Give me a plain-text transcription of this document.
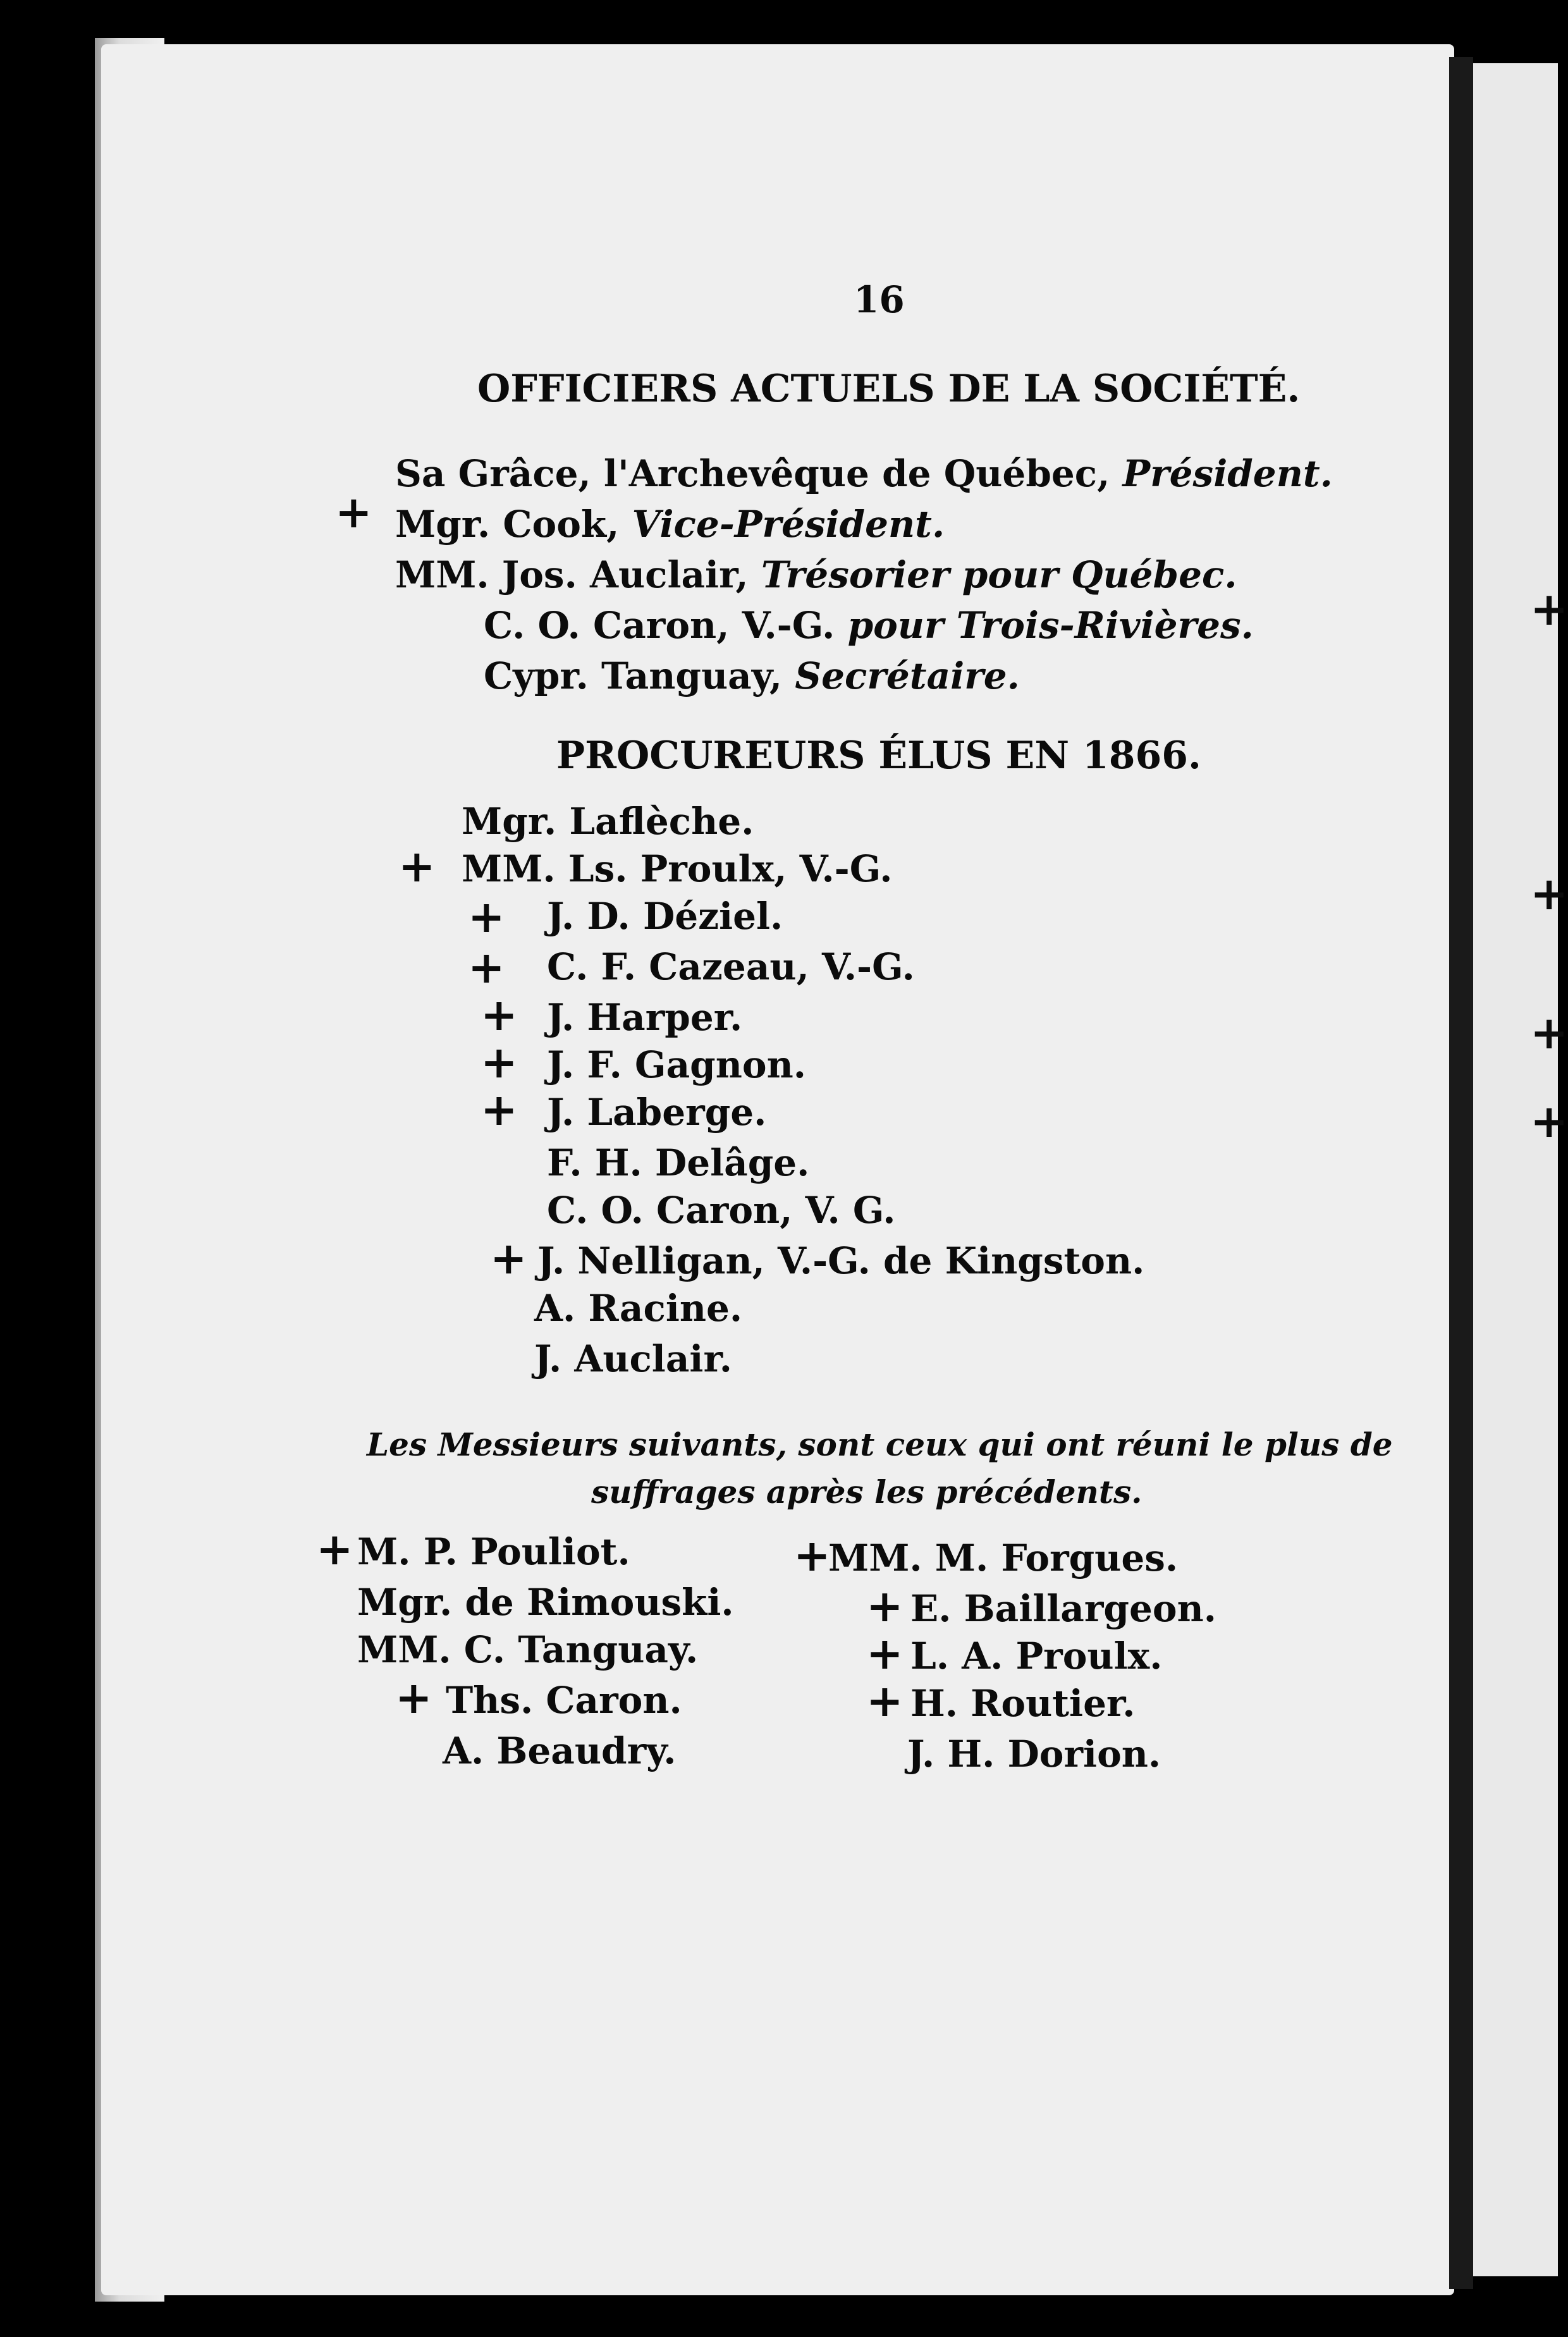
+
+
+
+
16
OFFICIERS ACTUELS DE LA SOCIÉTÉ.
Sa Grâce, l'Archevêque de Québec, Président.
+ Mgr. Cook, Vice-Président.
MM. Jos. Auclair, Trésorier pour Québec.
C. O. Caron, V.-G. pour Trois-Rivières.
Cypr. Tanguay, Secrétaire.
PROCUREURS ÉLUS EN 1866.
Mgr. Laflèche.
+ MM. Ls. Proulx, V.-G.
+ J. D. Déziel.
+ C. F. Cazeau, V.-G.
+ J. Harper.
+ J. F. Gagnon.
+ J. Laberge.
F. H. Delâge.
C. O. Caron, V. G.
+ J. Nelligan, V.-G. de Kingston.
A. Racine.
J. Auclair.
Les Messieurs suivants, sont ceux qui ont réuni le plus de
suffrages après les précédents.
+ M. P. Pouliot.
Mgr. de Rimouski.
MM. C. Tanguay.
+ Ths. Caron.
A. Beaudry.
+
MM. M. Forgues.
+ E. Baillargeon.
+ L. A. Proulx.
+ H. Routier.
J. H. Dorion.
